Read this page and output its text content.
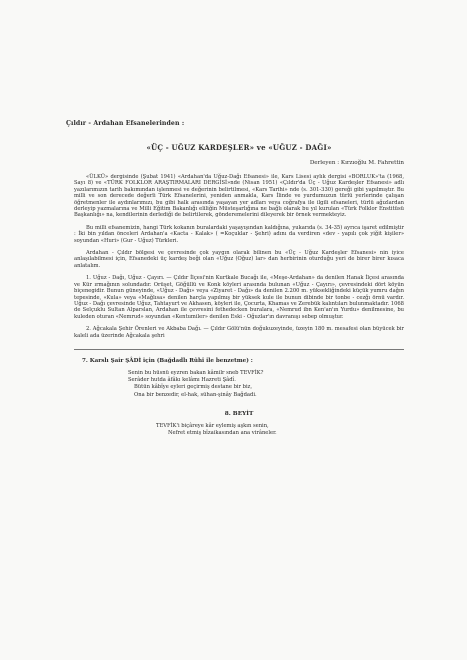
Çıldır - Ardahan Efsanelerinden :
«ÜÇ - UĞUZ KARDEŞLER» ve «UĞUZ - DAĞI»
Derleyen : Kırzıoğlu M. Fahrettin

«ÜLKÜ» dergisinde (Şubat 1941) «Ardahan'da Uğuz-Dağı Efsanesi» ile, Kars Lisesi aylık dergisi «BORLUK»'ta (1968, Sayı 8) ve «TÜRK FOLKLOR ARAŞTIRMALARI DERGİSİ»nde (Nisan 1951) «Çıldır'da Üç - Uğuz Kardeşler Efsanesi» adlı yazılarımızın tarih bakımından işlenmesi ve değerinin belirtilmesi, «Kars Tarihi» nde (s. 301-330) gereği gibi yapılmıştır. Bu milli ve son derecede değerli Türk Efsanelerini, yeniden anmakla, Kars İlinde ve yurdumuzun türlü yerlerinde çalışan öğretmenler ile aydınlarımızı, bu gibi halk arasında yaşayan yer adları veya coğrafya ile ilgili efsaneleri, türlü ağızlardan derleyip yazmalarına ve Milli Eğitim Bakanlığı eliliğin Müsteşarlığına ne bağlı olarak bu yıl kurulan «Türk Folklor Enstitüsü Başkanlığı» na, kendilerinin derlediği de belirtilerek, gönderemelerini dileyerek bir örnek vermekteyiz.

Bu milli efsanemizin, hangi Türk kokanın buralardaki yaşayışından kaldığına, yukarıda (s. 34-35) ayrıca işaret edilmiştir : İki bin yıldan önceleri Ardahan'a «Kacta - Kalak» ( =Koçuklar - Şehri) adını da verdiren «dev - yapılı çok yiğit kişiler» soyundan «Huri» (Gur - Uğuz) Türkleri.

Ardahan - Çıldır bölgesi ve çevresinde çok yaygın olarak bilinen bu «Üç - Uğuz Kardeşler Efsanesi» nin iyice anlaşılabilmesi için, Efsanedeki üç kardeş beği olan «Uğuz (Oğuz) lar» dan herbirinin oturduğu yeri de birer birer kısaca anlatalım.

1. Uğuz - Dağı, Uğuz - Çayırı. — Çıldır İlçesi'nin Kurtkale Bucağı ile, «Meşe-Ardahan» da denilen Hanak İlçesi arasında ve Kür ırmağının solundadır. Orüşet, Göğüllü ve Konk köyleri arasında bulunan «Uğuz - Çayırı», çevresindeki dört köyün biçenegidir. Bunun güneyinde, «Uğuz - Dağı» veya «Ziyaret - Dağı» da denilen 2.200 m. yüksekliğindeki küçük yumru dağın tepesinde, «Kula» veya «Mağlısa» denilen harçla yapılmış bir yüksek kule ile bunun dibinde bir tonbe - cezğı örnü vardır. Uğuz - Dağı çevresinde Uğuz, Tahtayurt ve Akhasen, köyleri ile, Çocurta, Khamas ve Zerebük kalıntıları bulunmaktadır. 1068 de Selçuklu Sultan Alparslan, Ardahan ile çevresini fethedecken buralara, «Nemrud ibn Ken'an'ın Yurdu» denilmesine, bu kuleden oturan «Nemrud» soyundan «Kentumiler» denilen Eski - Oğuzlar'ın davranışı sebep olmuştur.

2. Ağcakala Şehir Örenleri ve Akbaba Dağı. — Çıldır Gölü'nün doğukuzeyinde, üzeyin 180 m. mesafesi olan büyücek bir kaleli ada üzerinde Ağcakala şehri

7. Karslı Şair ŞÂDİ için (Bağdadlı Rûhî ile benzetme) :
Senin bu hüsnü eyzren bakan kâmilr sneb TEVFİK?
Serâder hutda âfâkı kelâmı Hazreti Şâdî.
Bütün kâbîye eyleri geçirmiş destane bir biz,
Ona bir benzedir, el-hak, sühan-şinây Bağdadi.
8. BEYİT
TEVFİK'i biçâreye kâr eylemiş aşkın senin,
Nefret etmiş bîzaikasından ana virâneler.
